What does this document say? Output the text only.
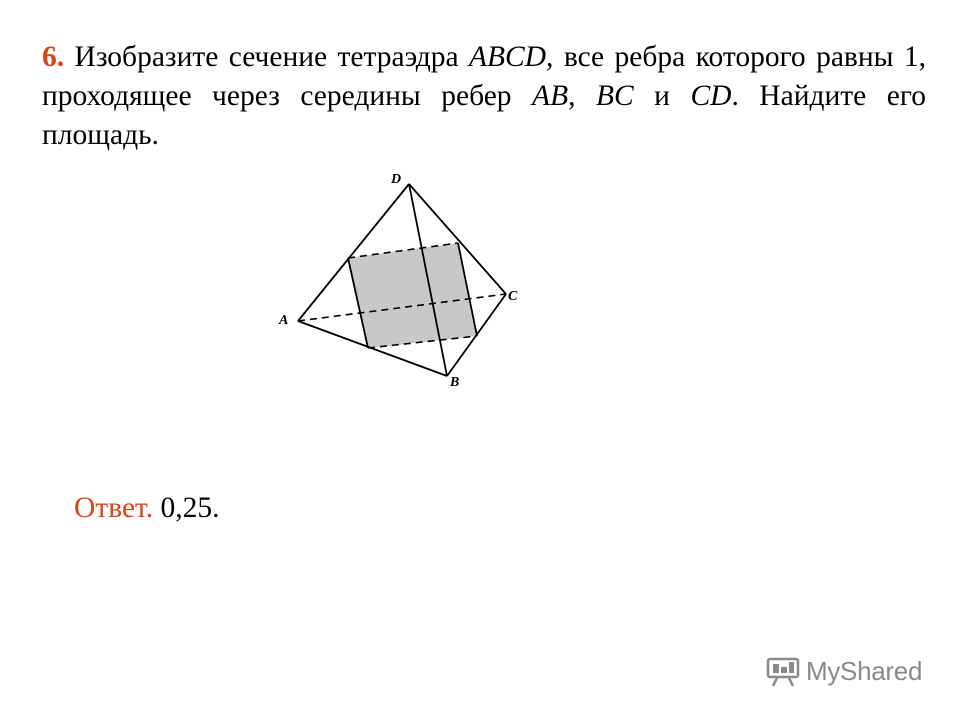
6. Изобразите сечение тетраэдра ABCD, все ребра которого равны 1, проходящее через середины ребер AB, BC и CD. Найдите его площадь.
D
C
A
B
Ответ. 0,25.
MyShared
